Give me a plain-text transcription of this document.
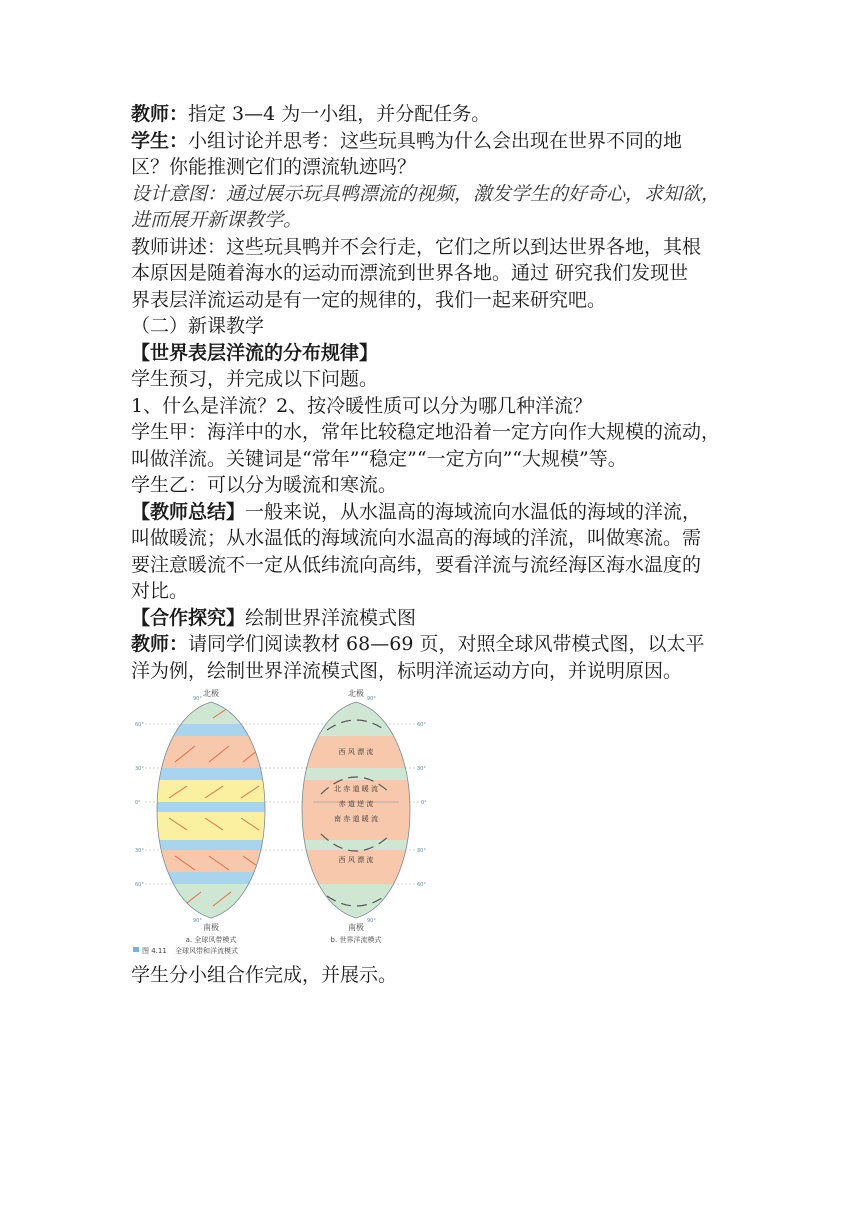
教师：指定 3—4 为一小组，并分配任务。
学生：小组讨论并思考：这些玩具鸭为什么会出现在世界不同的地
区？你能推测它们的漂流轨迹吗？
设计意图：通过展示玩具鸭漂流的视频，激发学生的好奇心，求知欲，
进而展开新课教学。
教师讲述：这些玩具鸭并不会行走，它们之所以到达世界各地，其根
本原因是随着海水的运动而漂流到世界各地。通过 研究我们发现世
界表层洋流运动是有一定的规律的，我们一起来研究吧。
（二）新课教学
【世界表层洋流的分布规律】
学生预习，并完成以下问题。
1、什么是洋流？2、按冷暖性质可以分为哪几种洋流？
学生甲：海洋中的水，常年比较稳定地沿着一定方向作大规模的流动，
叫做洋流。关键词是“常年”“稳定”“一定方向”“大规模”等。
学生乙：可以分为暖流和寒流。
【教师总结】一般来说，从水温高的海域流向水温低的海域的洋流，
叫做暖流；从水温低的海域流向水温高的海域的洋流，叫做寒流。需
要注意暖流不一定从低纬流向高纬，要看洋流与流经海区海水温度的
对比。
【合作探究】绘制世界洋流模式图
教师：请同学们阅读教材 68—69 页，对照全球风带模式图，以太平
洋为例，绘制世界洋流模式图，标明洋流运动方向，并说明原因。
北极	北极
南极	南极
90°
60°
30°
0°
30°
60°
90°
90°
60°
30°
0°
30°
60°
90°
西 风 漂 流
北 赤 道 暖 流
赤 道 逆 流
南 赤 道 暖 流
西 风 漂 流
a. 全球风带模式	b. 世界洋流模式
图 4.11 全球风带和洋流模式
学生分小组合作完成，并展示。
